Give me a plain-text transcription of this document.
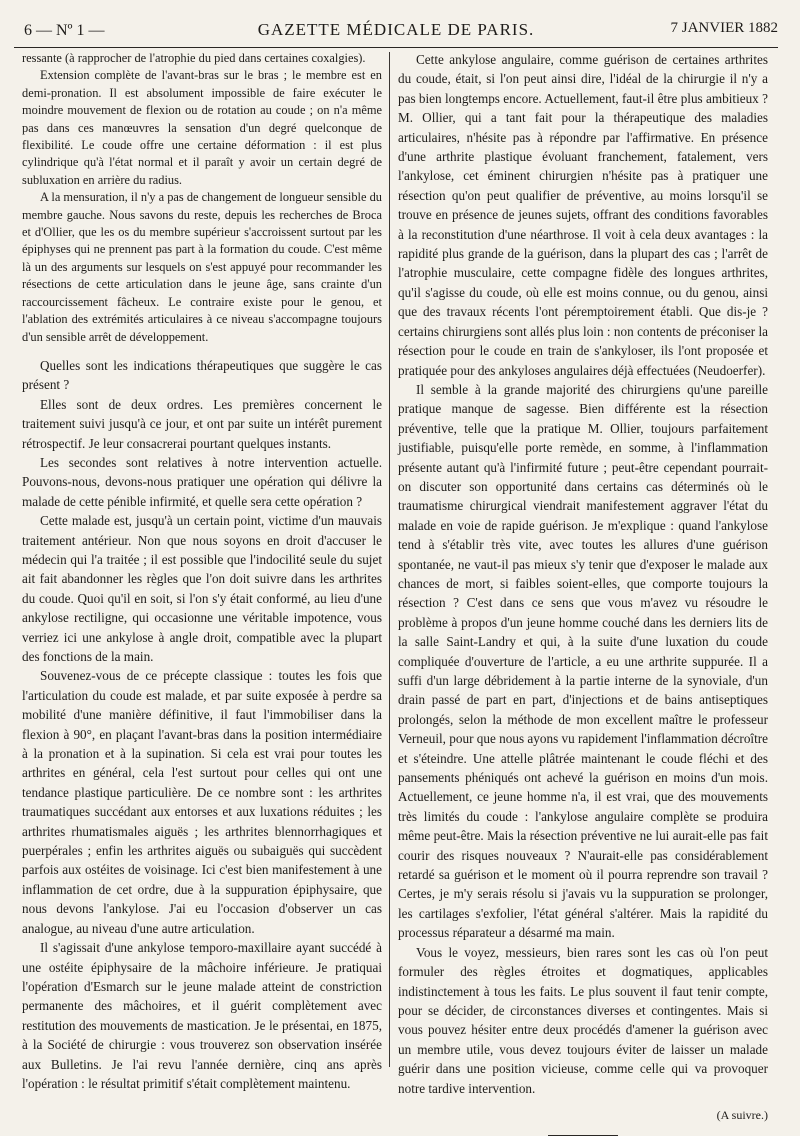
6 — Nº 1 —	GAZETTE MÉDICALE DE PARIS.	7 JANVIER 1882

ressante (à rapprocher de l'atrophie du pied dans certaines coxalgies).

Extension complète de l'avant-bras sur le bras ; le membre est en demi-pronation. Il est absolument impossible de faire exécuter le moindre mouvement de flexion ou de rotation au coude ; on n'a même pas dans ces manœuvres la sensation d'un degré quelconque de flexibilité. Le coude offre une certaine déformation : il est plus cylindrique qu'à l'état normal et il paraît y avoir un certain degré de subluxation en arrière du radius.

A la mensuration, il n'y a pas de changement de longueur sensible du membre gauche. Nous savons du reste, depuis les recherches de Broca et d'Ollier, que les os du membre supérieur s'accroissent surtout par les épiphyses qui ne prennent pas part à la formation du coude. C'est même là un des arguments sur lesquels on s'est appuyé pour recommander les résections de cette articulation dans le jeune âge, sans crainte d'un raccourcissement fâcheux. Le contraire existe pour le genou, et l'ablation des extrémités articulaires à ce niveau s'accompagne toujours d'un sensible arrêt de développement.

Quelles sont les indications thérapeutiques que suggère le cas présent ?

Elles sont de deux ordres. Les premières concernent le traitement suivi jusqu'à ce jour, et ont par suite un intérêt purement rétrospectif. Je leur consacrerai pourtant quelques instants.

Les secondes sont relatives à notre intervention actuelle. Pouvons-nous, devons-nous pratiquer une opération qui délivre la malade de cette pénible infirmité, et quelle sera cette opération ?

Cette malade est, jusqu'à un certain point, victime d'un mauvais traitement antérieur. Non que nous soyons en droit d'accuser le médecin qui l'a traitée ; il est possible que l'indocilité seule du sujet ait fait abandonner les règles que l'on doit suivre dans les arthrites du coude. Quoi qu'il en soit, si l'on s'y était conformé, au lieu d'une ankylose rectiligne, qui occasionne une véritable impotence, vous verriez ici une ankylose à angle droit, compatible avec la plupart des fonctions de la main.

Souvenez-vous de ce précepte classique : toutes les fois que l'articulation du coude est malade, et par suite exposée à perdre sa mobilité d'une manière définitive, il faut l'immobiliser dans la flexion à 90°, en plaçant l'avant-bras dans la position intermédiaire à la pronation et à la supination. Si cela est vrai pour toutes les arthrites en général, cela l'est surtout pour celles qui ont une tendance plastique particulière. De ce nombre sont : les arthrites traumatiques succédant aux entorses et aux luxations réduites ; les arthrites rhumatismales aiguës ; les arthrites blennorrhagiques et puerpérales ; enfin les arthrites aiguës ou subaiguës qui succèdent parfois aux ostéites de voisinage. Ici c'est bien manifestement à une inflammation de cet ordre, due à la suppuration épiphysaire, que nous devons l'ankylose. J'ai eu l'occasion d'observer un cas analogue, au niveau d'une autre articulation.

Il s'agissait d'une ankylose temporo-maxillaire ayant succédé à une ostéite épiphysaire de la mâchoire inférieure. Je pratiquai l'opération d'Esmarch sur le jeune malade atteint de constriction permanente des mâchoires, et il guérit complètement avec restitution des mouvements de mastication. Je le présentai, en 1875, à la Société de chirurgie : vous trouverez son observation insérée aux Bulletins. Je l'ai revu l'année dernière, cinq ans après l'opération : le résultat primitif s'était complètement maintenu.

Cette ankylose angulaire, comme guérison de certaines arthrites du coude, était, si l'on peut ainsi dire, l'idéal de la chirurgie il n'y a pas bien longtemps encore. Actuellement, faut-il être plus ambitieux ? M. Ollier, qui a tant fait pour la thérapeutique des maladies articulaires, n'hésite pas à répondre par l'affirmative. En présence d'une arthrite plastique évoluant franchement, fatalement, vers l'ankylose, cet éminent chirurgien n'hésite pas à pratiquer une résection qu'on peut qualifier de préventive, au moins lorsqu'il se trouve en présence de jeunes sujets, offrant des conditions favorables à la reconstitution d'une néarthrose. Il voit à cela deux avantages : la rapidité plus grande de la guérison, dans la plupart des cas ; l'arrêt de l'atrophie musculaire, cette compagne fidèle des longues arthrites, qu'il s'agisse du coude, où elle est moins connue, ou du genou, ainsi que des travaux récents l'ont péremptoirement établi. Que dis-je ? certains chirurgiens sont allés plus loin : non contents de préconiser la résection pour le coude en train de s'ankyloser, ils l'ont proposée et pratiquée pour des ankyloses angulaires déjà effectuées (Neudoerfer).

Il semble à la grande majorité des chirurgiens qu'une pareille pratique manque de sagesse. Bien différente est la résection préventive, telle que la pratique M. Ollier, toujours parfaitement justifiable, puisqu'elle porte remède, en somme, à l'inflammation présente autant qu'à l'infirmité future ; peut-être cependant pourrait-on discuter son opportunité dans certains cas déterminés où le traumatisme chirurgical viendrait manifestement aggraver l'état du malade en voie de rapide guérison. Je m'explique : quand l'ankylose tend à s'établir très vite, avec toutes les allures d'une guérison spontanée, ne vaut-il pas mieux s'y tenir que d'exposer le malade aux chances de mort, si faibles soient-elles, que comporte toujours la résection ? C'est dans ce sens que vous m'avez vu résoudre le problème à propos d'un jeune homme couché dans les derniers lits de la salle Saint-Landry et qui, à la suite d'une luxation du coude compliquée d'ouverture de l'article, a eu une arthrite suppurée. Il a suffi d'un large débridement à la partie interne de la synoviale, d'un drain passé de part en part, d'injections et de bains antiseptiques prolongés, selon la méthode de mon excellent maître le professeur Verneuil, pour que nous ayons vu rapidement l'inflammation décroître et s'éteindre. Une attelle plâtrée maintenant le coude fléchi et des pansements phéniqués ont achevé la guérison en moins d'un mois. Actuellement, ce jeune homme n'a, il est vrai, que des mouvements très limités du coude : l'ankylose angulaire complète se produira même peut-être. Mais la résection préventive ne lui aurait-elle pas fait courir des risques nouveaux ? N'aurait-elle pas considérablement retardé sa guérison et le moment où il pourra reprendre son travail ? Certes, je m'y serais résolu si j'avais vu la suppuration se prolonger, les cartilages s'exfolier, l'état général s'altérer. Mais la rapidité du processus réparateur a désarmé ma main.

Vous le voyez, messieurs, bien rares sont les cas où l'on peut formuler des règles étroites et dogmatiques, applicables indistinctement à tous les faits. Le plus souvent il faut tenir compte, pour se décider, de circonstances diverses et contingentes. Mais si vous pouvez hésiter entre deux procédés d'amener la guérison avec un membre utile, vous devez toujours éviter de laisser un malade guérir dans une position vicieuse, comme celle qui va provoquer notre tardive intervention.

(A suivre.)
